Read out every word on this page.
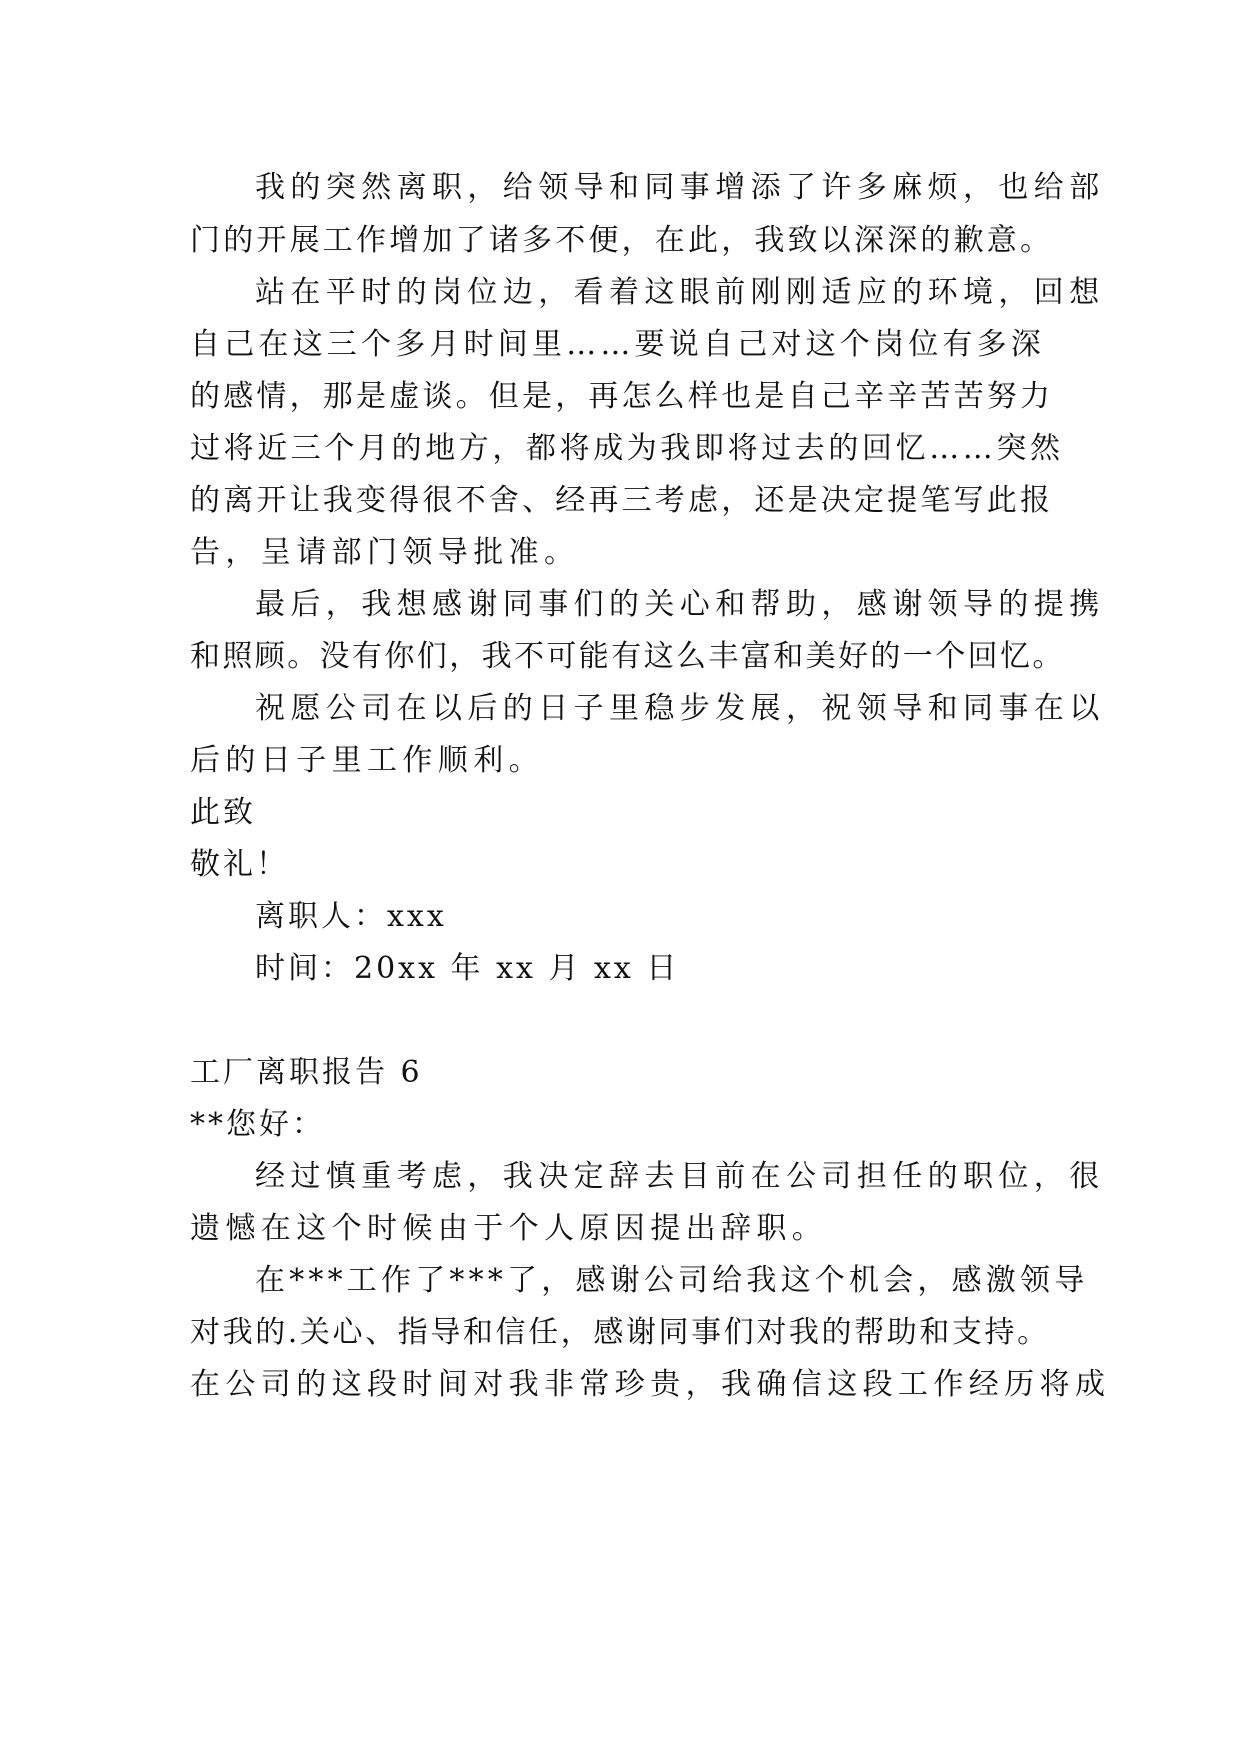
我的突然离职，给领导和同事增添了许多麻烦，也给部
门的开展工作增加了诸多不便，在此，我致以深深的歉意。
站在平时的岗位边，看着这眼前刚刚适应的环境，回想
自己在这三个多月时间里……要说自己对这个岗位有多深
的感情，那是虚谈。但是，再怎么样也是自己辛辛苦苦努力
过将近三个月的地方，都将成为我即将过去的回忆……突然
的离开让我变得很不舍、经再三考虑，还是决定提笔写此报
告，呈请部门领导批准。
最后，我想感谢同事们的关心和帮助，感谢领导的提携
和照顾。没有你们，我不可能有这么丰富和美好的一个回忆。
祝愿公司在以后的日子里稳步发展，祝领导和同事在以
后的日子里工作顺利。
此致
敬礼！
离职人：xxx
时间：20xx 年 xx 月 xx 日
工厂离职报告 6
**您好：
经过慎重考虑，我决定辞去目前在公司担任的职位，很
遗憾在这个时候由于个人原因提出辞职。
在***工作了***了，感谢公司给我这个机会，感激领导
对我的.关心、指导和信任，感谢同事们对我的帮助和支持。
在公司的这段时间对我非常珍贵，我确信这段工作经历将成
